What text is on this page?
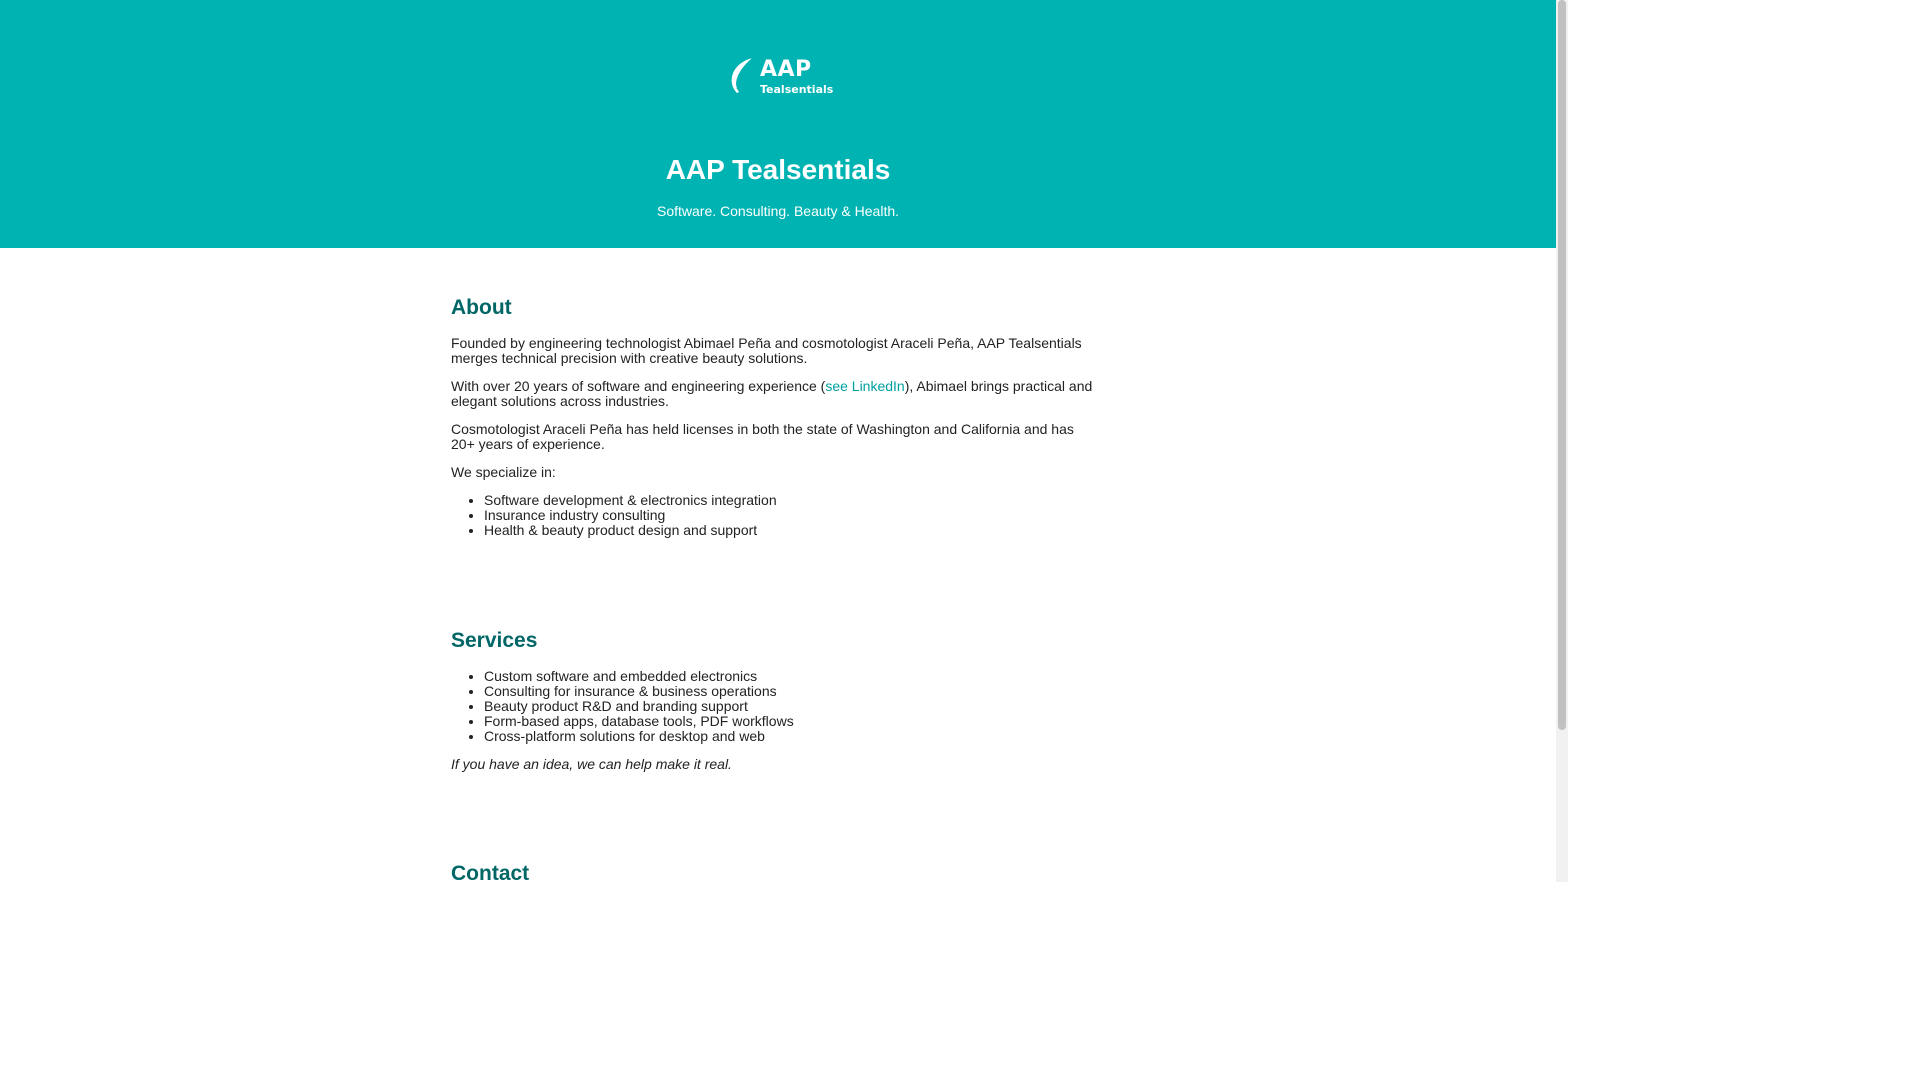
AAP
Tealsentials
AAP Tealsentials

Software. Consulting. Beauty & Health.

About

Founded by engineering technologist Abimael Peña and cosmotologist Araceli Peña, AAP Tealsentials merges technical precision with creative beauty solutions.

With over 20 years of software and engineering experience (see LinkedIn), Abimael brings practical and elegant solutions across industries.

Cosmotologist Araceli Peña has held licenses in both the state of Washington and California and has 20+ years of experience.

We specialize in:

• Software development & electronics integration
• Insurance industry consulting
• Health & beauty product design and support
Services
• Custom software and embedded electronics
• Consulting for insurance & business operations
• Beauty product R&D and branding support
• Form-based apps, database tools, PDF workflows
• Cross-platform solutions for desktop and web

If you have an idea, we can help make it real.

Contact
